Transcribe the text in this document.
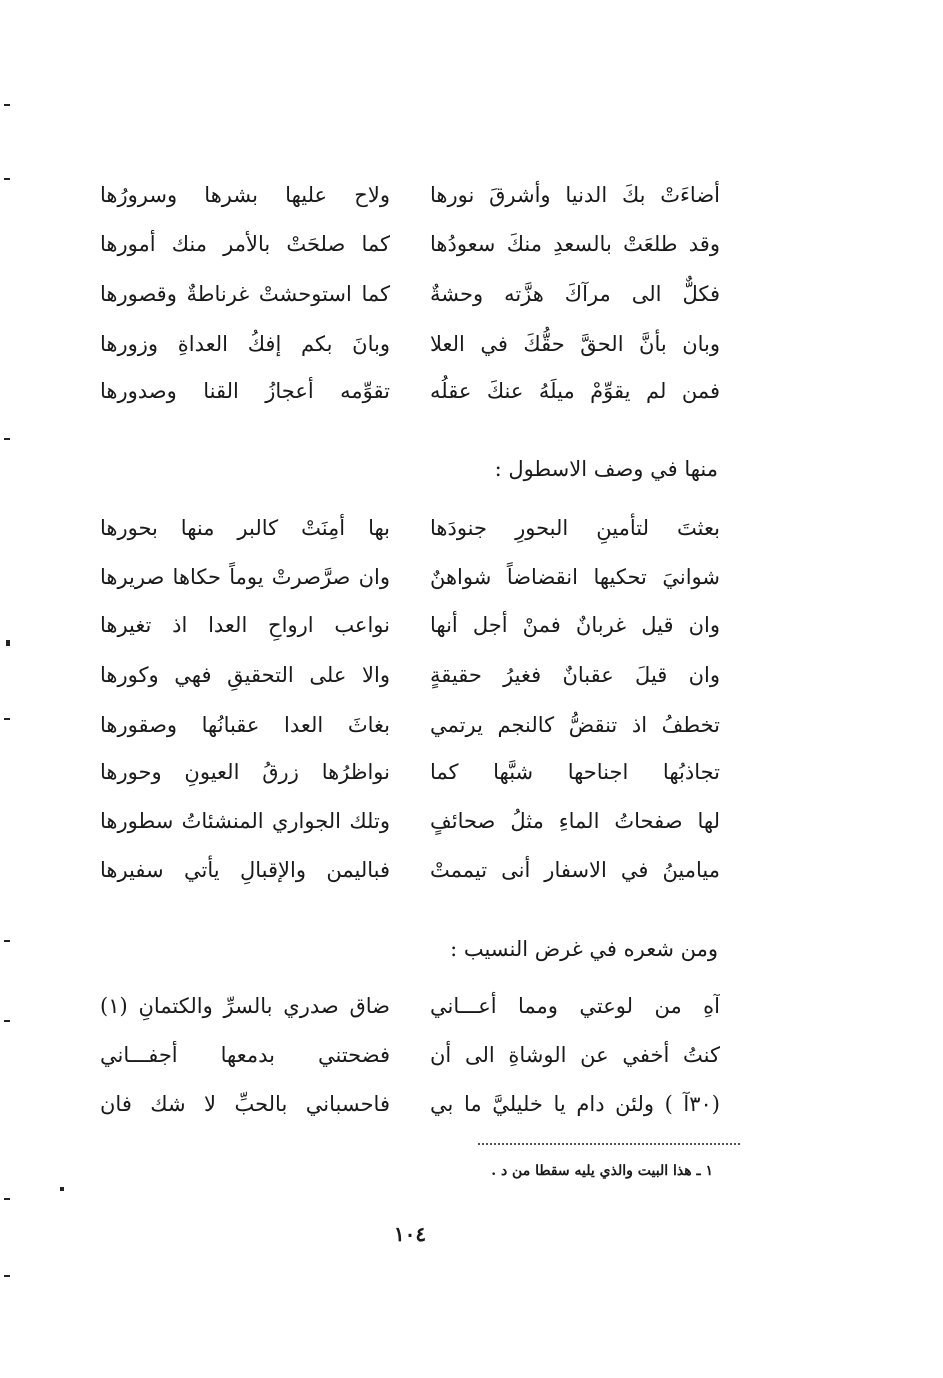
أضاءَتْ بكَ الدنيا وأشرقَ نورها
ولاح عليها بشرها وسرورُها
وقد طلعَتْ بالسعدِ منكَ سعودُها
كما صلحَتْ بالأمر منك أمورها
فكلٌّ الى مرآكَ هزَّته وحشةٌ
كما استوحشتْ غرناطةٌ وقصورها
وبان بأنَّ الحقَّ حقُّكَ في العلا
وبانَ بكم إفكُ العداةِ وزورها
فمن لم يقوِّمْ ميلَهُ عنكَ عقلُه
تقوِّمه أعجازُ القنا وصدورها
منها في وصف الاسطول :
بعثتَ لتأمينِ البحورِ جنودَها
بها أمِنَتْ كالبر منها بحورها
شوانيَ تحكيها انقضاضاً شواهنٌ
وان صرَّصرتْ يوماً حكاها صريرها
وان قيل غربانٌ فمنْ أجل أنها
نواعب ارواحِ العدا اذ تغيرها
وان قيلَ عقبانٌ فغيرُ حقيقةٍ
والا على التحقيقِ فهي وكورها
تخطفُ اذ تنقضُّ كالنجم يرتمي
بغاثَ العدا عقبانُها وصقورها
تجاذبُها اجناحها شبَّها كما
نواظرُها زرقُ العيونِ وحورها
لها صفحاتُ الماءِ مثلُ صحائفٍ
وتلك الجواري المنشئاتُ سطورها
ميامينُ في الاسفار أنى تيممتْ
فباليمن والإقبالِ يأتي سفيرها
ومن شعره في غرض النسيب :
آهِ من لوعتي ومما أعـــاني
ضاق صدري بالسرِّ والكتمانِ (١)
كنتُ أخفي عن الوشاةِ الى أن
فضحتني بدمعها أجفـــاني
(٣٠آ ) ولئن دام يا خليليَّ ما بي
فاحسباني بالحبِّ لا شك فان
١ ـ هذا البيت والذي يليه سقطا من د .
١٠٤
